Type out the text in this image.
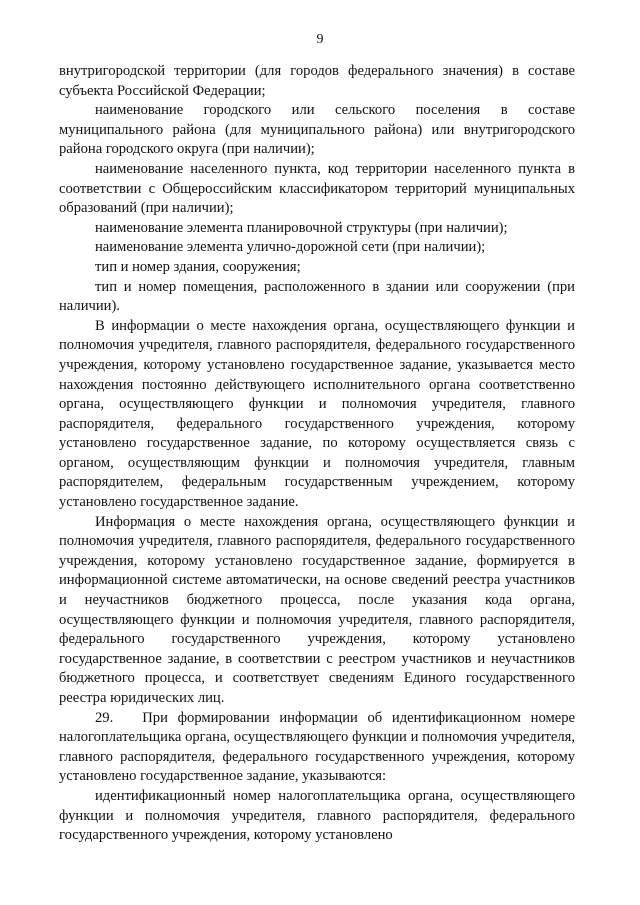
9

внутригородской территории (для городов федерального значения) в составе субъекта Российской Федерации;

наименование городского или сельского поселения в составе муниципального района (для муниципального района) или внутригородского района городского округа (при наличии);

наименование населенного пункта, код территории населенного пункта в соответствии с Общероссийским классификатором территорий муниципальных образований (при наличии);

наименование элемента планировочной структуры (при наличии);

наименование элемента улично-дорожной сети (при наличии);

тип и номер здания, сооружения;

тип и номер помещения, расположенного в здании или сооружении (при наличии).

В информации о месте нахождения органа, осуществляющего функции и полномочия учредителя, главного распорядителя, федерального государственного учреждения, которому установлено государственное задание, указывается место нахождения постоянно действующего исполнительного органа соответственно органа, осуществляющего функции и полномочия учредителя, главного распорядителя, федерального государственного учреждения, которому установлено государственное задание, по которому осуществляется связь с органом, осуществляющим функции и полномочия учредителя, главным распорядителем, федеральным государственным учреждением, которому установлено государственное задание.

Информация о месте нахождения органа, осуществляющего функции и полномочия учредителя, главного распорядителя, федерального государственного учреждения, которому установлено государственное задание, формируется в информационной системе автоматически, на основе сведений реестра участников и неучастников бюджетного процесса, после указания кода органа, осуществляющего функции и полномочия учредителя, главного распорядителя, федерального государственного учреждения, которому установлено государственное задание, в соответствии с реестром участников и неучастников бюджетного процесса, и соответствует сведениям Единого государственного реестра юридических лиц.

29.   При формировании информации об идентификационном номере налогоплательщика органа, осуществляющего функции и полномочия учредителя, главного распорядителя, федерального государственного учреждения, которому установлено государственное задание, указываются:

идентификационный номер налогоплательщика органа, осуществляющего функции и полномочия учредителя, главного распорядителя, федерального государственного учреждения, которому установлено
